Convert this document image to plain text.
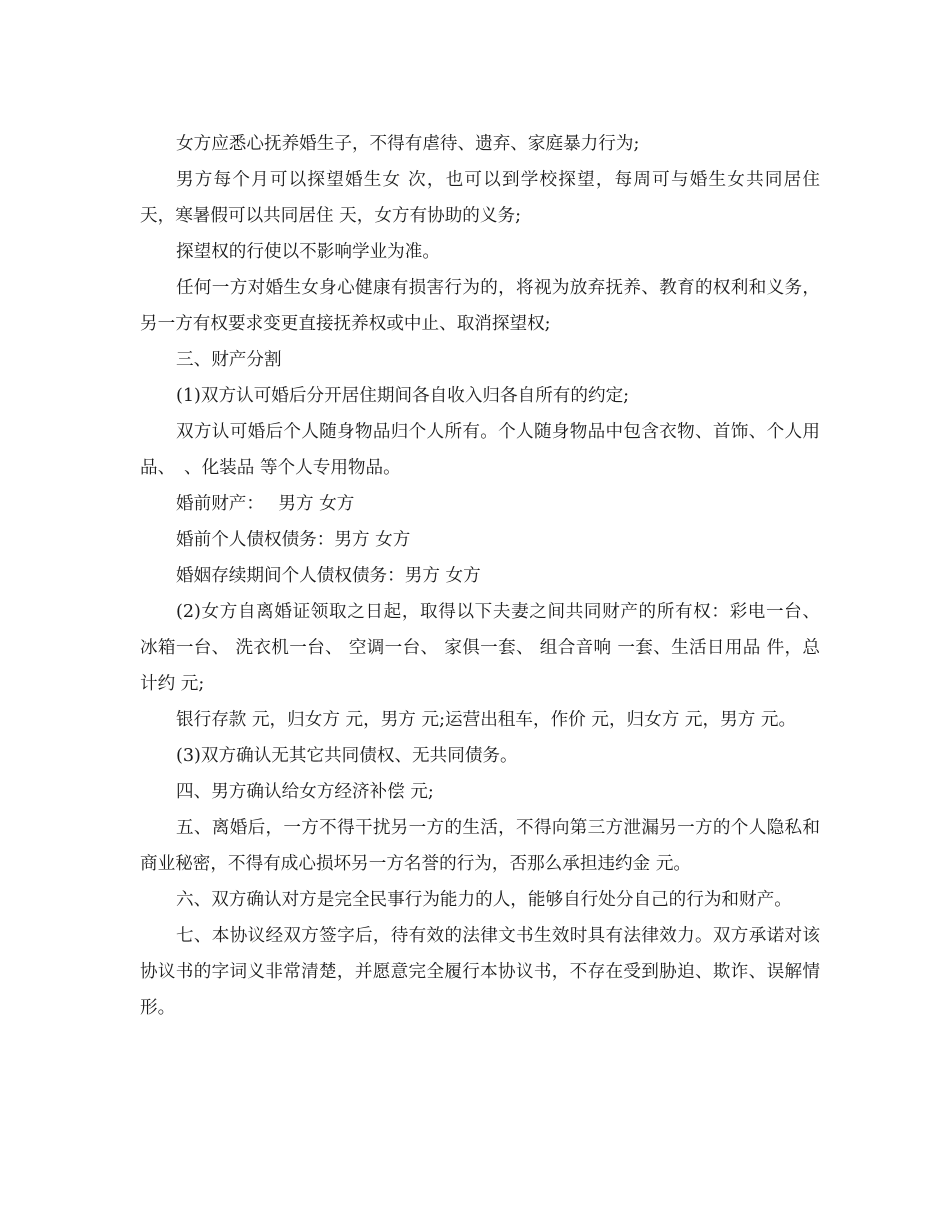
女方应悉心抚养婚生子，不得有虐待、遗弃、家庭暴力行为;

男方每个月可以探望婚生女 次，也可以到学校探望，每周可与婚生女共同居住 天，寒暑假可以共同居住 天，女方有协助的义务;

探望权的行使以不影响学业为准。

任何一方对婚生女身心健康有损害行为的，将视为放弃抚养、教育的权利和义务，另一方有权要求变更直接抚养权或中止、取消探望权;

三、财产分割

(1)双方认可婚后分开居住期间各自收入归各自所有的约定;

双方认可婚后个人随身物品归个人所有。个人随身物品中包含衣物、首饰、个人用品、　、化装品 等个人专用物品。

婚前财产：　 男方 女方

婚前个人债权债务：男方 女方

婚姻存续期间个人债权债务：男方 女方

(2)女方自离婚证领取之日起，取得以下夫妻之间共同财产的所有权：彩电一台、 冰箱一台、 洗衣机一台、 空调一台、 家俱一套、 组合音响 一套、生活日用品 件，总计约 元;

银行存款 元，归女方 元，男方 元;运营出租车，作价 元，归女方 元，男方 元。

(3)双方确认无其它共同债权、无共同债务。

四、男方确认给女方经济补偿 元;

五、离婚后，一方不得干扰另一方的生活，不得向第三方泄漏另一方的个人隐私和商业秘密，不得有成心损坏另一方名誉的行为，否那么承担违约金 元。

六、双方确认对方是完全民事行为能力的人，能够自行处分自己的行为和财产。

七、本协议经双方签字后，待有效的法律文书生效时具有法律效力。双方承诺对该协议书的字词义非常清楚，并愿意完全履行本协议书，不存在受到胁迫、欺诈、误解情形。
